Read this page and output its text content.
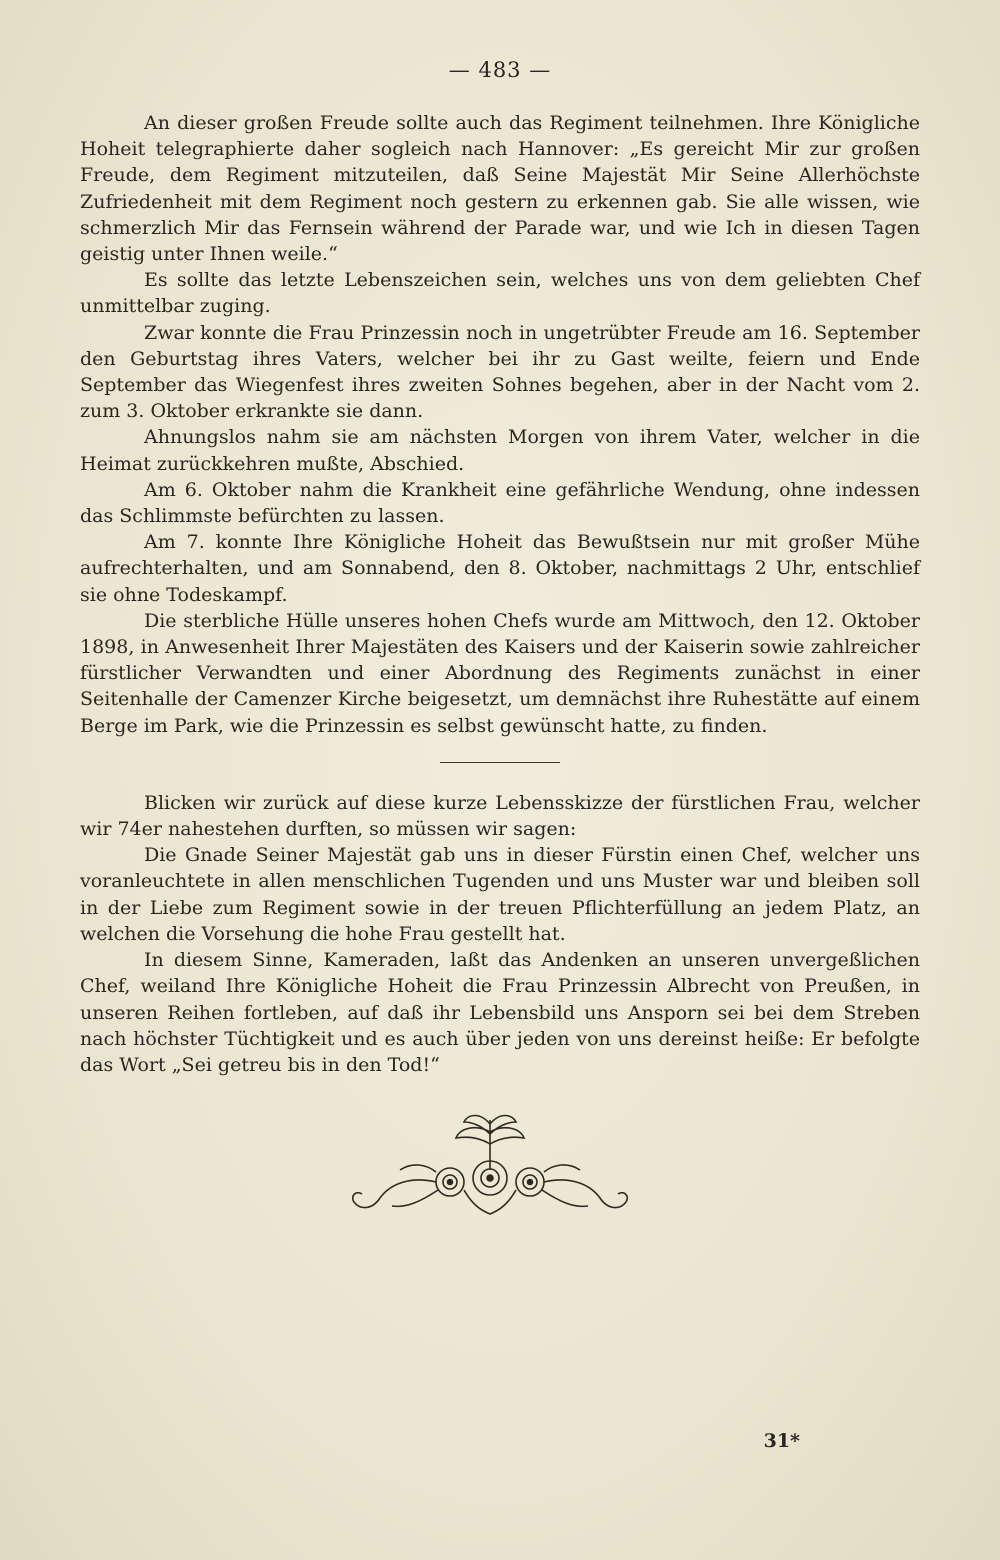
— 483 —

An dieser großen Freude sollte auch das Regiment teilnehmen. Ihre Königliche Hoheit telegraphierte daher sogleich nach Hannover: „Es gereicht Mir zur großen Freude, dem Regiment mitzuteilen, daß Seine Majestät Mir Seine Allerhöchste Zufriedenheit mit dem Regiment noch gestern zu erkennen gab. Sie alle wissen, wie schmerzlich Mir das Fernsein während der Parade war, und wie Ich in diesen Tagen geistig unter Ihnen weile.“

Es sollte das letzte Lebenszeichen sein, welches uns von dem geliebten Chef unmittelbar zuging.

Zwar konnte die Frau Prinzessin noch in ungetrübter Freude am 16. September den Geburtstag ihres Vaters, welcher bei ihr zu Gast weilte, feiern und Ende September das Wiegenfest ihres zweiten Sohnes begehen, aber in der Nacht vom 2. zum 3. Oktober erkrankte sie dann.

Ahnungslos nahm sie am nächsten Morgen von ihrem Vater, welcher in die Heimat zurückkehren mußte, Abschied.

Am 6. Oktober nahm die Krankheit eine gefährliche Wendung, ohne indessen das Schlimmste befürchten zu lassen.

Am 7. konnte Ihre Königliche Hoheit das Bewußtsein nur mit großer Mühe aufrechterhalten, und am Sonnabend, den 8. Oktober, nachmittags 2 Uhr, entschlief sie ohne Todeskampf.

Die sterbliche Hülle unseres hohen Chefs wurde am Mittwoch, den 12. Oktober 1898, in Anwesenheit Ihrer Majestäten des Kaisers und der Kaiserin sowie zahlreicher fürstlicher Verwandten und einer Abordnung des Regiments zunächst in einer Seitenhalle der Camenzer Kirche beigesetzt, um demnächst ihre Ruhestätte auf einem Berge im Park, wie die Prinzessin es selbst gewünscht hatte, zu finden.

Blicken wir zurück auf diese kurze Lebensskizze der fürstlichen Frau, welcher wir 74er nahestehen durften, so müssen wir sagen:

Die Gnade Seiner Majestät gab uns in dieser Fürstin einen Chef, welcher uns voranleuchtete in allen menschlichen Tugenden und uns Muster war und bleiben soll in der Liebe zum Regiment sowie in der treuen Pflichterfüllung an jedem Platz, an welchen die Vorsehung die hohe Frau gestellt hat.

In diesem Sinne, Kameraden, laßt das Andenken an unseren unvergeßlichen Chef, weiland Ihre Königliche Hoheit die Frau Prinzessin Albrecht von Preußen, in unseren Reihen fortleben, auf daß ihr Lebensbild uns Ansporn sei bei dem Streben nach höchster Tüchtigkeit und es auch über jeden von uns dereinst heiße: Er befolgte das Wort „Sei getreu bis in den Tod!“

31*
